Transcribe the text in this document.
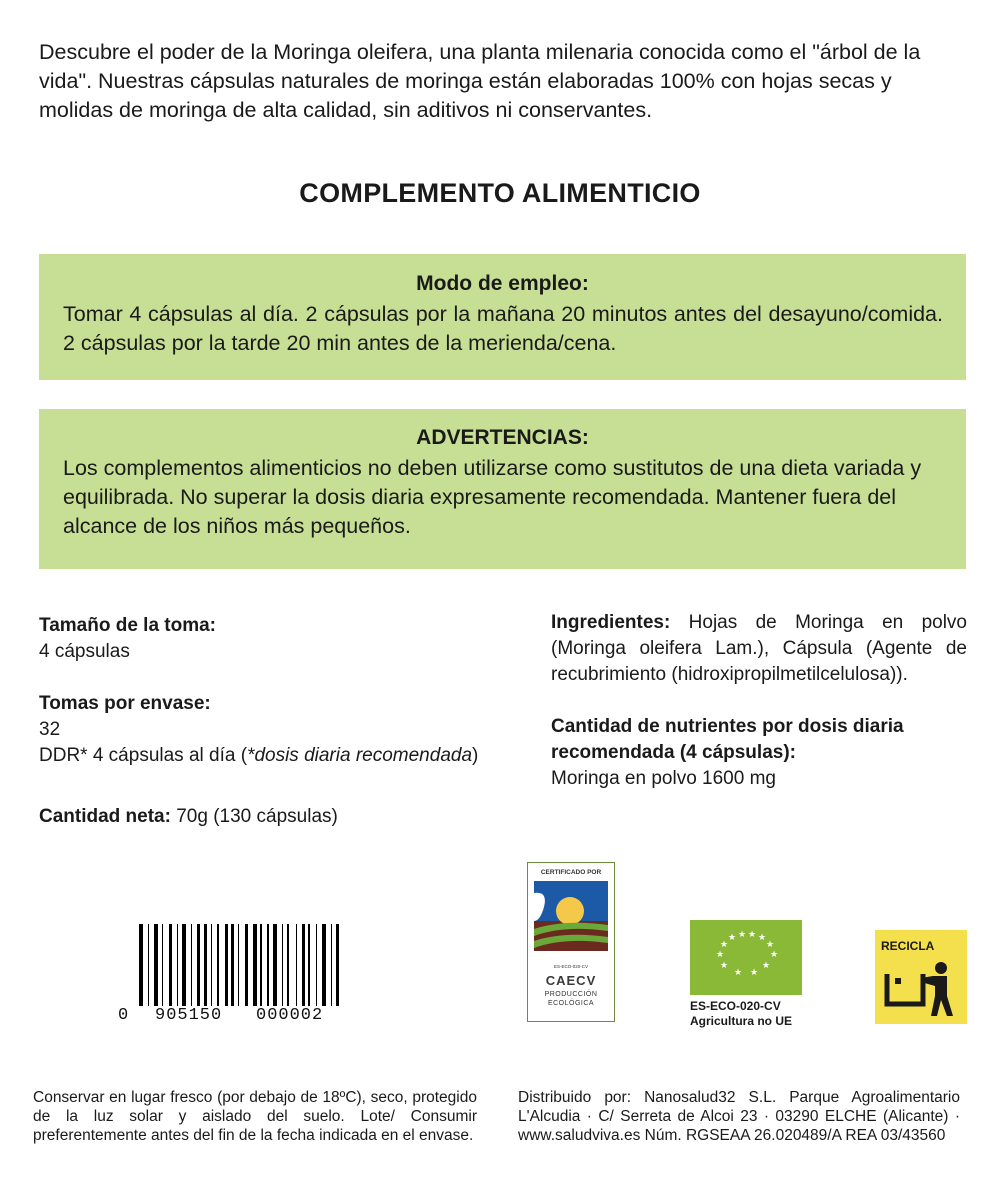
Descubre el poder de la Moringa oleifera, una planta milenaria conocida como el "árbol de la vida". Nuestras cápsulas naturales de moringa están elaboradas 100% con hojas secas y molidas de moringa de alta calidad, sin aditivos ni conservantes.
COMPLEMENTO ALIMENTICIO
Modo de empleo:
Tomar 4 cápsulas al día. 2 cápsulas por la mañana 20 minutos antes del desayuno/comida. 2 cápsulas por la tarde 20 min antes de la merienda/cena.
ADVERTENCIAS:
Los complementos alimenticios no deben utilizarse como sustitutos de una dieta variada y equilibrada. No superar la dosis diaria expresamente recomendada. Mantener fuera del alcance de los niños más pequeños.
Tamaño de la toma:
4 cápsulas
Tomas por envase:
32
DDR* 4 cápsulas al día (*dosis diaria recomendada)
Cantidad neta: 70g (130 cápsulas)
Ingredientes: Hojas de Moringa en polvo (Moringa oleifera Lam.), Cápsula (Agente de recubrimiento (hidroxipropilmetilcelulosa)).
Cantidad de nutrientes por dosis diaria recomendada (4 cápsulas):
Moringa en polvo 1600 mg
0 905150 000002
CERTIFICADO POR
ES-ECO-020-CV
CAECV
PRODUCCIÓN
ECOLÓGICA
★ ★ ★ ★
★
★
★	★
★
★ ★
★
ES-ECO-020-CV
Agricultura no UE
RECICLA
Conservar en lugar fresco (por debajo de 18ºC), seco, protegido de la luz solar y aislado del suelo. Lote/ Consumir preferentemente antes del fin de la fecha indicada en el envase.
Distribuido por: Nanosalud32 S.L. Parque Agroalimentario L'Alcudia · C/ Serreta de Alcoi 23 · 03290 ELCHE (Alicante) · www.saludviva.es Núm. RGSEAA 26.020489/A REA 03/43560
